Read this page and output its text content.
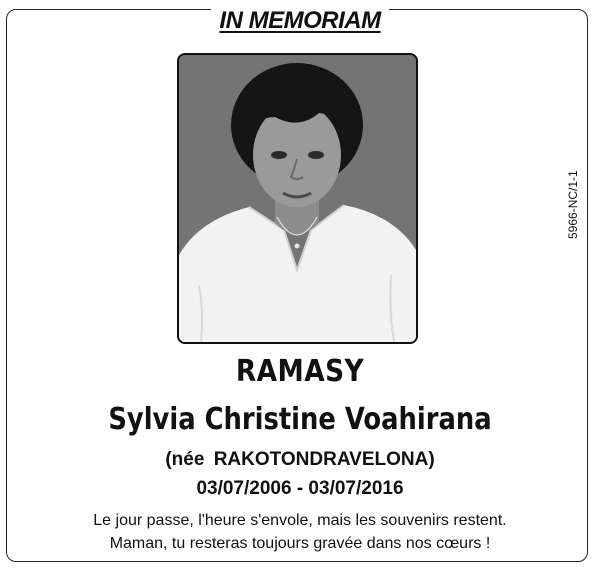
IN MEMORIAM
5966-NC/1-1
RAMASY
Sylvia Christine Voahirana
(née RAKOTONDRAVELONA)
03/07/2006 - 03/07/2016
Le jour passe, l'heure s'envole, mais les souvenirs restent.
Maman, tu resteras toujours gravée dans nos cœurs !
